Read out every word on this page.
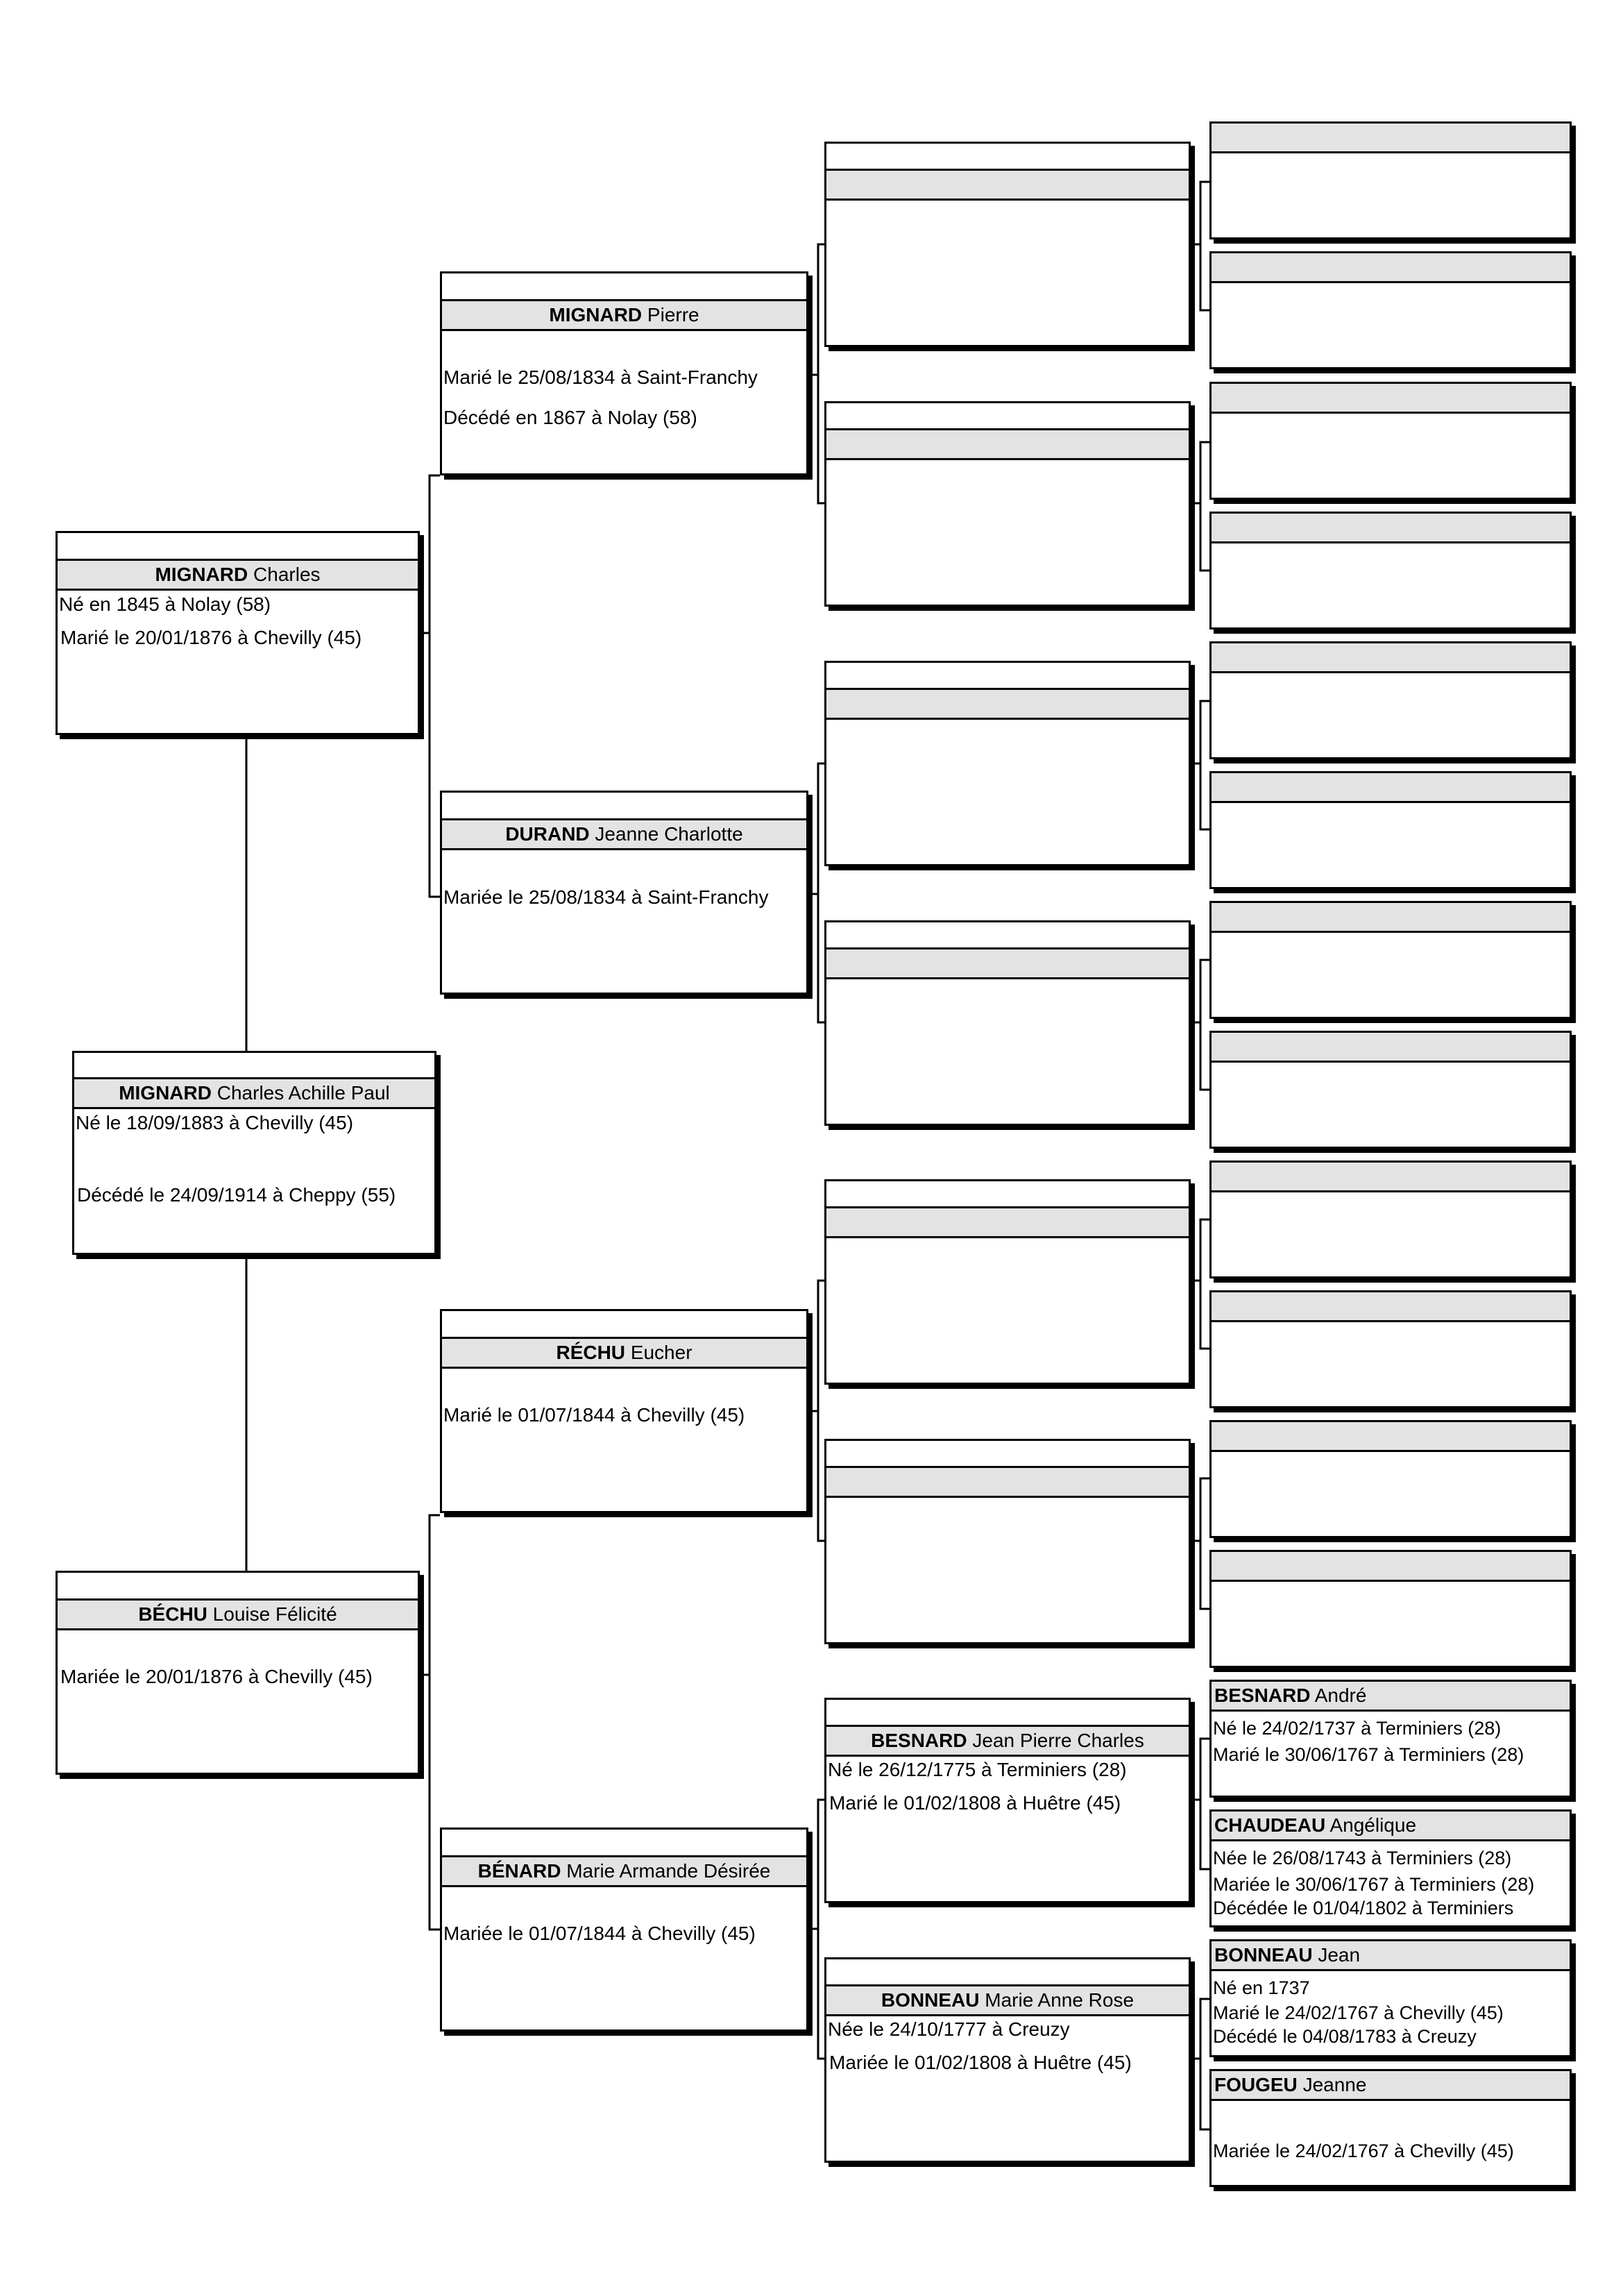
MIGNARD Charles Achille Paul
Né le 18/09/1883 à Chevilly (45)
Décédé le 24/09/1914 à Cheppy (55)
MIGNARD Charles
Né en 1845 à Nolay (58)
Marié le 20/01/1876 à Chevilly (45)
BÉCHU Louise Félicité
Mariée le 20/01/1876 à Chevilly (45)
MIGNARD Pierre
Marié le 25/08/1834 à Saint-Franchy
Décédé en 1867 à Nolay (58)
DURAND Jeanne Charlotte
Mariée le 25/08/1834 à Saint-Franchy
RÉCHU Eucher
Marié le 01/07/1844 à Chevilly (45)
BÉNARD Marie Armande Désirée
Mariée le 01/07/1844 à Chevilly (45)
BESNARD Jean Pierre Charles
Né le 26/12/1775 à Terminiers (28)
Marié le 01/02/1808 à Huêtre (45)
BONNEAU Marie Anne Rose
Née le 24/10/1777 à Creuzy
Mariée le 01/02/1808 à Huêtre (45)
BESNARD André
Né le 24/02/1737 à Terminiers (28)
Marié le 30/06/1767 à Terminiers (28)
CHAUDEAU Angélique
Née le 26/08/1743 à Terminiers (28)
Mariée le 30/06/1767 à Terminiers (28)
Décédée le 01/04/1802 à Terminiers
BONNEAU Jean
Né en 1737
Marié le 24/02/1767 à Chevilly (45)
Décédé le 04/08/1783 à Creuzy
FOUGEU Jeanne
Mariée le 24/02/1767 à Chevilly (45)
